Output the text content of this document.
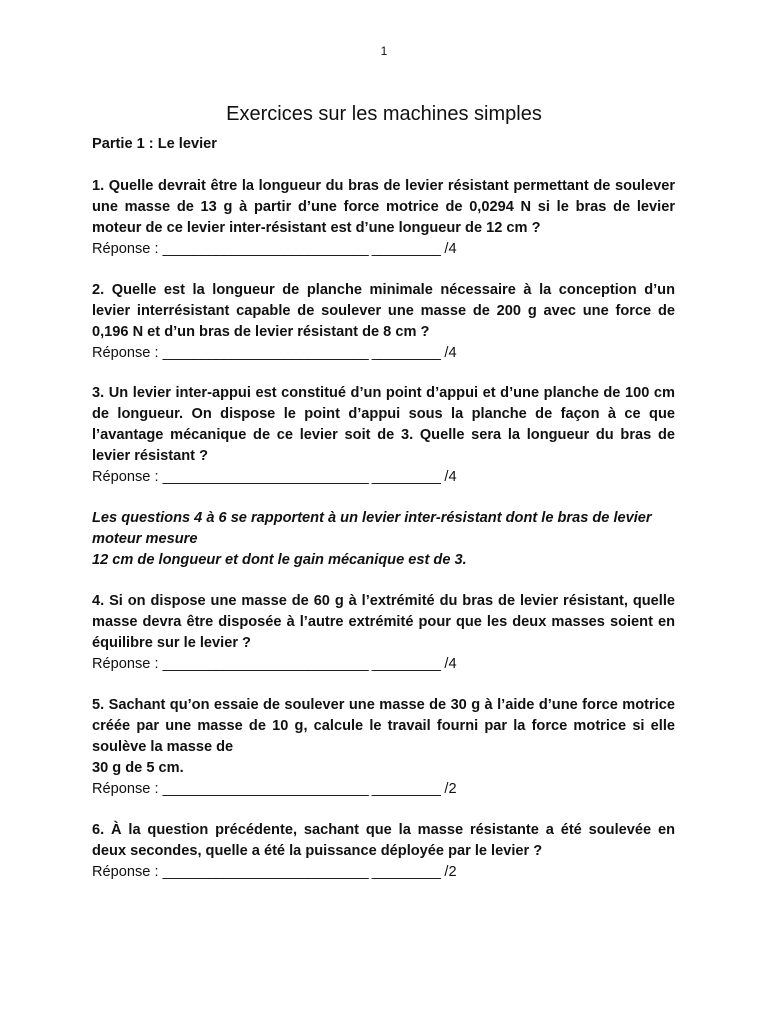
1
Exercices sur les machines simples

Partie 1 : Le levier

1. Quelle devrait être la longueur du bras de levier résistant permettant de soulever une masse de 13 g à partir d’une force motrice de 0,0294 N si le bras de levier moteur de ce levier inter-résistant est d’une longueur de 12 cm ?

Réponse : ___________________________ _________ /4

2. Quelle est la longueur de planche minimale nécessaire à la conception d’un levier interrésistant capable de soulever une masse de 200 g avec une force de 0,196 N et d’un bras de levier résistant de 8 cm ?

Réponse : ___________________________ _________ /4

3. Un levier inter-appui est constitué d’un point d’appui et d’une planche de 100 cm de longueur. On dispose le point d’appui sous la planche de façon à ce que l’avantage mécanique de ce levier soit de 3. Quelle sera la longueur du bras de levier résistant ?

Réponse : ___________________________ _________ /4

Les questions 4 à 6 se rapportent à un levier inter-résistant dont le bras de levier moteur mesure

12 cm de longueur et dont le gain mécanique est de 3.

4. Si on dispose une masse de 60 g à l’extrémité du bras de levier résistant, quelle masse devra être disposée à l’autre extrémité pour que les deux masses soient en équilibre sur le levier ?

Réponse : ___________________________ _________ /4

5. Sachant qu’on essaie de soulever une masse de 30 g à l’aide d’une force motrice créée par une masse de 10 g, calcule le travail fourni par la force motrice si elle soulève la masse de

30 g de 5 cm.

Réponse : ___________________________ _________ /2

6. À la question précédente, sachant que la masse résistante a été soulevée en deux secondes, quelle a été la puissance déployée par le levier ?

Réponse : ___________________________ _________ /2
